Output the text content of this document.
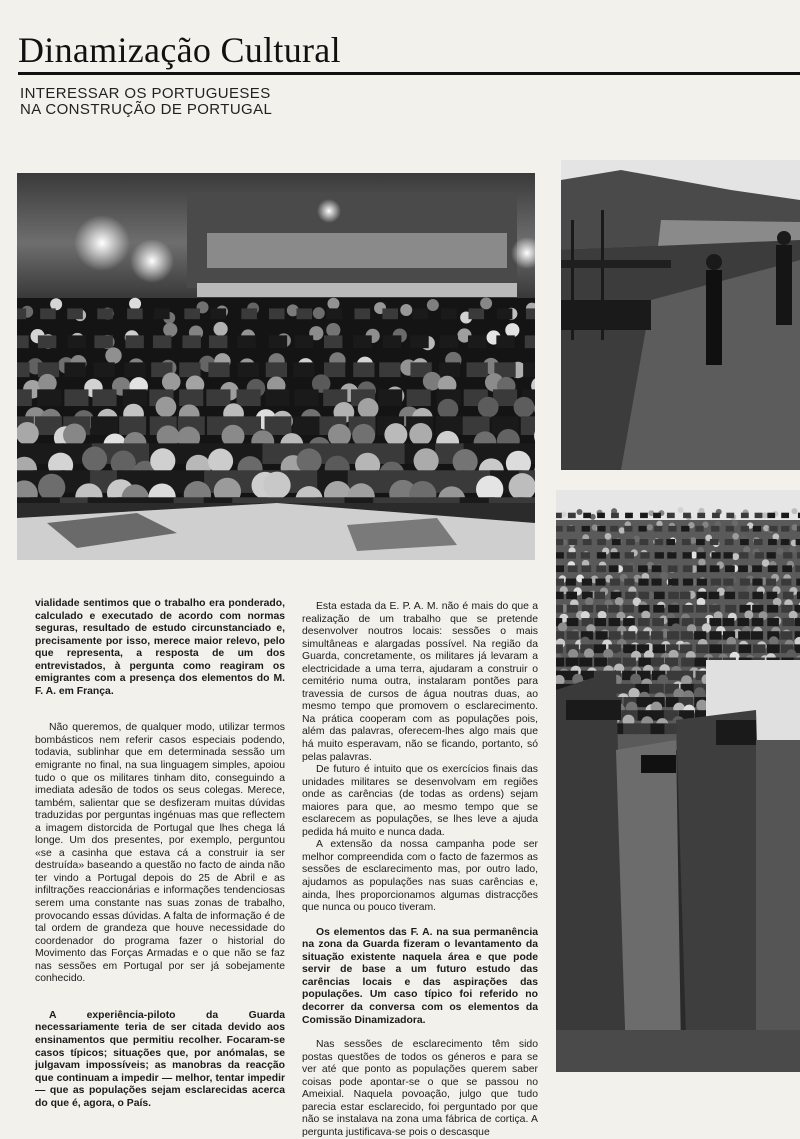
Dinamização Cultural
INTERESSAR OS PORTUGUESES
NA CONSTRUÇÃO DE PORTUGAL

vialidade sentimos que o trabalho era ponderado, calculado e executado de acordo com normas seguras, resultado de estudo circunstanciado e, precisamente por isso, merece maior relevo, pelo que representa, a resposta de um dos entrevistados, à pergunta como reagiram os emigrantes com a presença dos elementos do M. F. A. em França.

Não queremos, de qualquer modo, utilizar termos bombásticos nem referir casos especiais podendo, todavia, sublinhar que em determinada sessão um emigrante no final, na sua linguagem simples, apoiou tudo o que os militares tinham dito, conseguindo a imediata adesão de todos os seus colegas. Merece, também, salientar que se desfizeram muitas dúvidas traduzidas por perguntas ingénuas mas que reflectem a imagem distorcida de Portugal que lhes chega lá longe. Um dos presentes, por exemplo, perguntou «se a casinha que estava cá a construir ia ser destruída» baseando a questão no facto de ainda não ter vindo a Portugal depois do 25 de Abril e as infiltrações reaccionárias e informações tendenciosas serem uma constante nas suas zonas de trabalho, provocando essas dúvidas. A falta de informação é de tal ordem de grandeza que houve necessidade do coordenador do programa fazer o historial do Movimento das Forças Armadas e o que não se faz nas sessões em Portugal por ser já sobejamente conhecido.

A experiência-piloto da Guarda necessariamente teria de ser citada devido aos ensinamentos que permitiu recolher. Focaram-se casos típicos; situações que, por anómalas, se julgavam impossíveis; as manobras da reacção que continuam a impedir — melhor, tentar impedir — que as populações sejam esclarecidas acerca do que é, agora, o País.

Esta estada da E. P. A. M. não é mais do que a realização de um trabalho que se pretende desenvolver noutros locais: sessões o mais simultâneas e alargadas possível. Na região da Guarda, concretamente, os militares já levaram a electricidade a uma terra, ajudaram a construir o cemitério numa outra, instalaram pontões para travessia de cursos de água noutras duas, ao mesmo tempo que promovem o esclarecimento. Na prática cooperam com as populações pois, além das palavras, oferecem-lhes algo mais que há muito esperavam, não se ficando, portanto, só pelas palavras.

De futuro é intuito que os exercícios finais das unidades militares se desenvolvam em regiões onde as carências (de todas as ordens) sejam maiores para que, ao mesmo tempo que se esclarecem as populações, se lhes leve a ajuda pedida há muito e nunca dada.

A extensão da nossa campanha pode ser melhor compreendida com o facto de fazermos as sessões de esclarecimento mas, por outro lado, ajudamos as populações nas suas carências e, ainda, lhes proporcionamos algumas distracções que nunca ou pouco tiveram.

Os elementos das F. A. na sua permanência na zona da Guarda fizeram o levantamento da situação existente naquela área e que pode servir de base a um futuro estudo das carências locais e das aspirações das populações. Um caso típico foi referido no decorrer da conversa com os elementos da Comissão Dinamizadora.

Nas sessões de esclarecimento têm sido postas questões de todos os géneros e para se ver até que ponto as populações querem saber coisas pode apontar-se o que se passou no Ameixial. Naquela povoação, julgo que tudo parecia estar esclarecido, foi perguntado por que não se instalava na zona uma fábrica de cortiça. A pergunta justificava-se pois o descasque
